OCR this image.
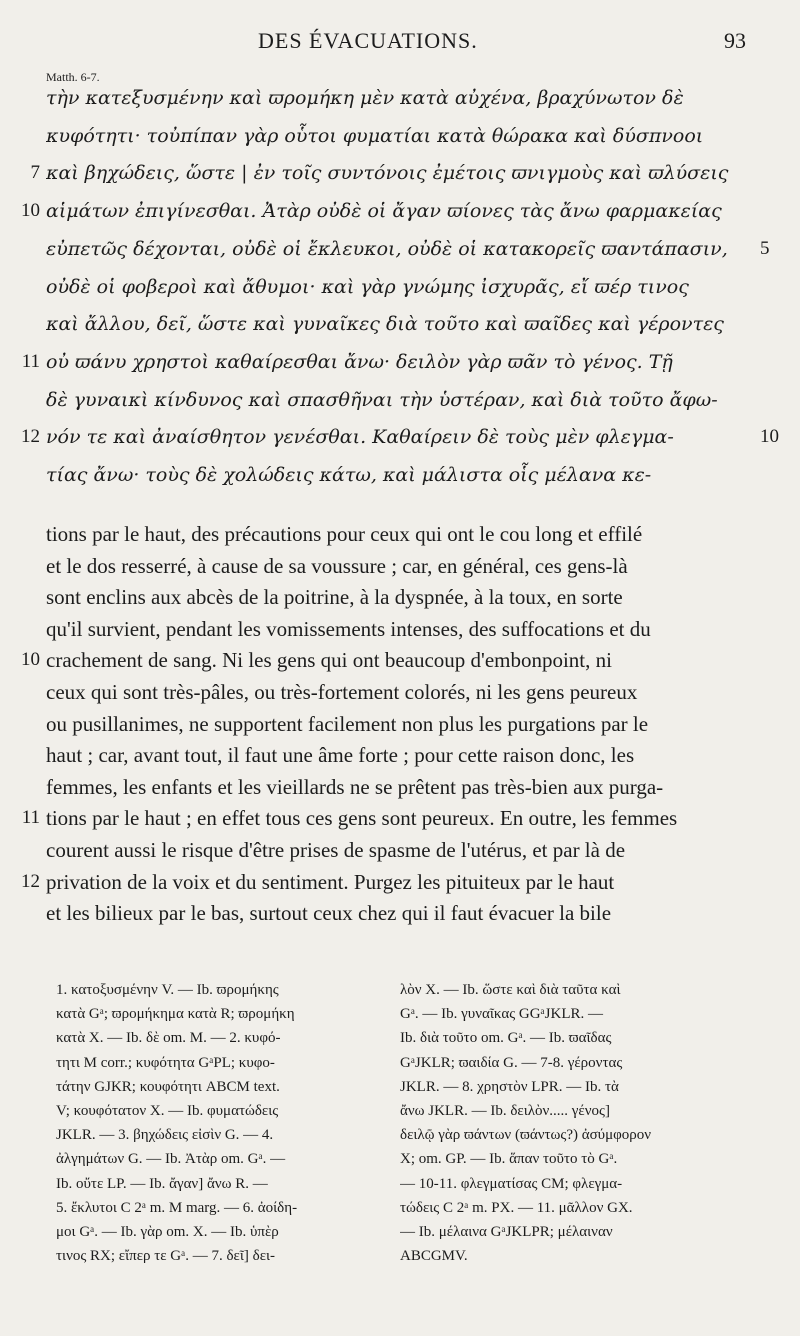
DES ÉVACUATIONS.	93
Matth. 6-7.
τὴν κατεξυσμένην καὶ ϖρομήκη μὲν κατὰ αὐχένα, βραχύνωτον δὲ
κυφότητι· τοὐπίπαν γὰρ οὗτοι φυματίαι κατὰ θώρακα καὶ δύσπνοοι
καὶ βηχώδεις, ὥστε | ἐν τοῖς συντόνοις ἐμέτοις ϖνιγμοὺς καὶ ϖλύσεις
7
αἱμάτων ἐπιγίνεσθαι. Ἀτὰρ οὐδὲ οἱ ἄγαν ϖίονες τὰς ἄνω φαρμακείας
10
εὐπετῶς δέχονται, οὐδὲ οἱ ἔκλευκοι, οὐδὲ οἱ κατακορεῖς ϖαντάπασιν,	5
οὐδὲ οἱ φοβεροὶ καὶ ἄθυμοι· καὶ γὰρ γνώμης ἰσχυρᾶς, εἴ ϖέρ τινος
καὶ ἄλλου, δεῖ, ὥστε καὶ γυναῖκες διὰ τοῦτο καὶ ϖαῖδες καὶ γέροντες
οὐ ϖάνυ χρηστοὶ καθαίρεσθαι ἄνω· δειλὸν γὰρ ϖᾶν τὸ γένος. Τῇ
11
δὲ γυναικὶ κίνδυνος καὶ σπασθῆναι τὴν ὑστέραν, καὶ διὰ τοῦτο ἄφω-
νόν τε καὶ ἀναίσθητον γενέσθαι. Καθαίρειν δὲ τοὺς μὲν φλεγμα-
12	10
τίας ἄνω· τοὺς δὲ χολώδεις κάτω, καὶ μάλιστα οἷς μέλανα κε-
tions par le haut, des précautions pour ceux qui ont le cou long et effilé
et le dos resserré, à cause de sa voussure ; car, en général, ces gens-là
sont enclins aux abcès de la poitrine, à la dyspnée, à la toux, en sorte
qu'il survient, pendant les vomissements intenses, des suffocations et du
crachement de sang. Ni les gens qui ont beaucoup d'embonpoint, ni
10
ceux qui sont très-pâles, ou très-fortement colorés, ni les gens peureux
ou pusillanimes, ne supportent facilement non plus les purgations par le
haut ; car, avant tout, il faut une âme forte ; pour cette raison donc, les
femmes, les enfants et les vieillards ne se prêtent pas très-bien aux purga-
tions par le haut ; en effet tous ces gens sont peureux. En outre, les femmes
11
courent aussi le risque d'être prises de spasme de l'utérus, et par là de
privation de la voix et du sentiment. Purgez les pituiteux par le haut
12
et les bilieux par le bas, surtout ceux chez qui il faut évacuer la bile
1. κατοξυσμένην V. — Ib. ϖρομήκης
κατὰ Gᵃ; ϖρομήκημα κατὰ R; ϖρομήκη
κατὰ X. — Ib. δὲ om. M. — 2. κυφό-
τητι M corr.; κυφότητα GᵃPL; κυφο-
τάτην GJKR; κουφότητι ABCM text.
V; κουφότατον X. — Ib. φυματώδεις
JKLR. — 3. βηχώδεις εἰσὶν G. — 4.
ἀλγημάτων G. — Ib. Ἀτὰρ om. Gᵃ. —
Ib. οὔτε LP. — Ib. ἄγαν] ἄνω R. —
5. ἔκλυτοι C 2ᵃ m. M marg. — 6. ἀοίδη-
μοι Gᵃ. — Ib. γὰρ om. X. — Ib. ὑπὲρ
τινος RX; εἴπερ τε Gᵃ. — 7. δεῖ] δει-
λὸν X. — Ib. ὥστε καὶ διὰ ταῦτα καὶ
Gᵃ. — Ib. γυναῖκας GGᵃJKLR. —
Ib. διὰ τοῦτο om. Gᵃ. — Ib. ϖαῖδας
GᵃJKLR; ϖαιδία G. — 7-8. γέροντας
JKLR. — 8. χρηστὸν LPR. — Ib. τὰ
ἄνω JKLR. — Ib. δειλὸν..... γένος]
δειλῷ γὰρ ϖάντων (ϖάντως?) ἀσύμφορον
X; om. GP. — Ib. ἅπαν τοῦτο τὸ Gᵃ.
— 10-11. φλεγματίσας CM; φλεγμα-
τώδεις C 2ᵃ m. PX. — 11. μᾶλλον GX.
— Ib. μέλαινα GᵃJKLPR; μέλαιναν
ABCGMV.
